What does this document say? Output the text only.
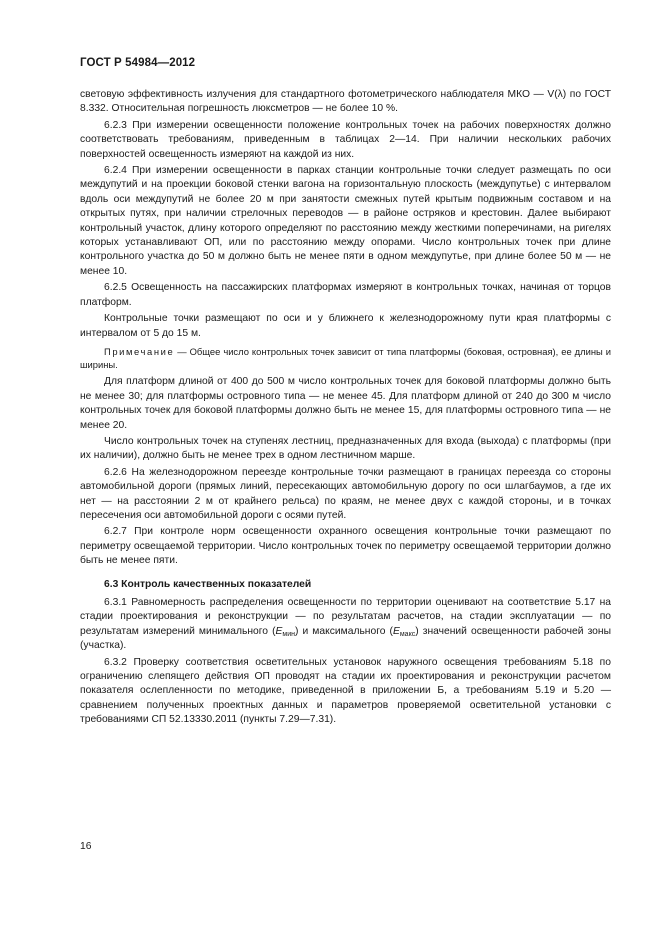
ГОСТ Р 54984—2012

световую эффективность излучения для стандартного фотометрического наблюдателя МКО — V(λ) по ГОСТ 8.332. Относительная погрешность люксметров — не более 10 %.

6.2.3 При измерении освещенности положение контрольных точек на рабочих поверхностях должно соответствовать требованиям, приведенным в таблицах 2—14. При наличии нескольких рабочих поверхностей освещенность измеряют на каждой из них.

6.2.4 При измерении освещенности в парках станции контрольные точки следует размещать по оси междупутий и на проекции боковой стенки вагона на горизонтальную плоскость (междупутье) с интервалом вдоль оси междупутий не более 20 м при занятости смежных путей крытым подвижным составом и на открытых путях, при наличии стрелочных переводов — в районе остряков и крестовин. Далее выбирают контрольный участок, длину которого определяют по расстоянию между жесткими поперечинами, на ригелях которых устанавливают ОП, или по расстоянию между опорами. Число контрольных точек при длине контрольного участка до 50 м должно быть не менее пяти в одном междупутье, при длине более 50 м — не менее 10.

6.2.5 Освещенность на пассажирских платформах измеряют в контрольных точках, начиная от торцов платформ.

Контрольные точки размещают по оси и у ближнего к железнодорожному пути края платформы с интервалом от 5 до 15 м.

Примечание — Общее число контрольных точек зависит от типа платформы (боковая, островная), ее длины и ширины.

Для платформ длиной от 400 до 500 м число контрольных точек для боковой платформы должно быть не менее 30; для платформы островного типа — не менее 45. Для платформ длиной от 240 до 300 м число контрольных точек для боковой платформы должно быть не менее 15, для платформы островного типа — не менее 20.

Число контрольных точек на ступенях лестниц, предназначенных для входа (выхода) с платформы (при их наличии), должно быть не менее трех в одном лестничном марше.

6.2.6 На железнодорожном переезде контрольные точки размещают в границах переезда со стороны автомобильной дороги (прямых линий, пересекающих автомобильную дорогу по оси шлагбаумов, а где их нет — на расстоянии 2 м от крайнего рельса) по краям, не менее двух с каждой стороны, и в точках пересечения оси автомобильной дороги с осями путей.

6.2.7 При контроле норм освещенности охранного освещения контрольные точки размещают по периметру освещаемой территории. Число контрольных точек по периметру освещаемой территории должно быть не менее пяти.

6.3 Контроль качественных показателей

6.3.1 Равномерность распределения освещенности по территории оценивают на соответствие 5.17 на стадии проектирования и реконструкции — по результатам расчетов, на стадии эксплуатации — по результатам измерений минимального $(E_{мин})$ и максимального $(E_{макс})$ значений освещенности рабочей зоны (участка).

6.3.2 Проверку соответствия осветительных установок наружного освещения требованиям 5.18 по ограничению слепящего действия ОП проводят на стадии их проектирования и реконструкции расчетом показателя ослепленности по методике, приведенной в приложении Б, а требованиям 5.19 и 5.20 — сравнением полученных проектных данных и параметров проверяемой осветительной установки с требованиями СП 52.13330.2011 (пункты 7.29—7.31).

16
